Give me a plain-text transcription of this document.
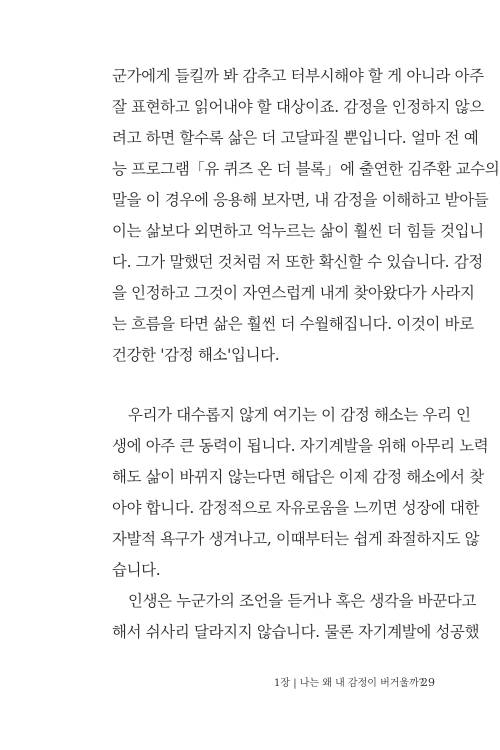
군가에게 들킬까 봐 감추고 터부시해야 할 게 아니라 아주
잘 표현하고 읽어내야 할 대상이죠. 감정을 인정하지 않으
려고 하면 할수록 삶은 더 고달파질 뿐입니다. 얼마 전 예
능 프로그램「유 퀴즈 온 더 블록」에 출연한 김주환 교수의
말을 이 경우에 응용해 보자면, 내 감정을 이해하고 받아들
이는 삶보다 외면하고 억누르는 삶이 훨씬 더 힘들 것입니
다. 그가 말했던 것처럼 저 또한 확신할 수 있습니다. 감정
을 인정하고 그것이 자연스럽게 내게 찾아왔다가 사라지
는 흐름을 타면 삶은 훨씬 더 수월해집니다. 이것이 바로
건강한 '감정 해소'입니다.
우리가 대수롭지 않게 여기는 이 감정 해소는 우리 인
생에 아주 큰 동력이 됩니다. 자기계발을 위해 아무리 노력
해도 삶이 바뀌지 않는다면 해답은 이제 감정 해소에서 찾
아야 합니다. 감정적으로 자유로움을 느끼면 성장에 대한
자발적 욕구가 생겨나고, 이때부터는 쉽게 좌절하지도 않
습니다.
인생은 누군가의 조언을 듣거나 혹은 생각을 바꾼다고
해서 쉬사리 달라지지 않습니다. 물론 자기계발에 성공했
1장 | 나는 왜 내 감정이 버거울까?
29
